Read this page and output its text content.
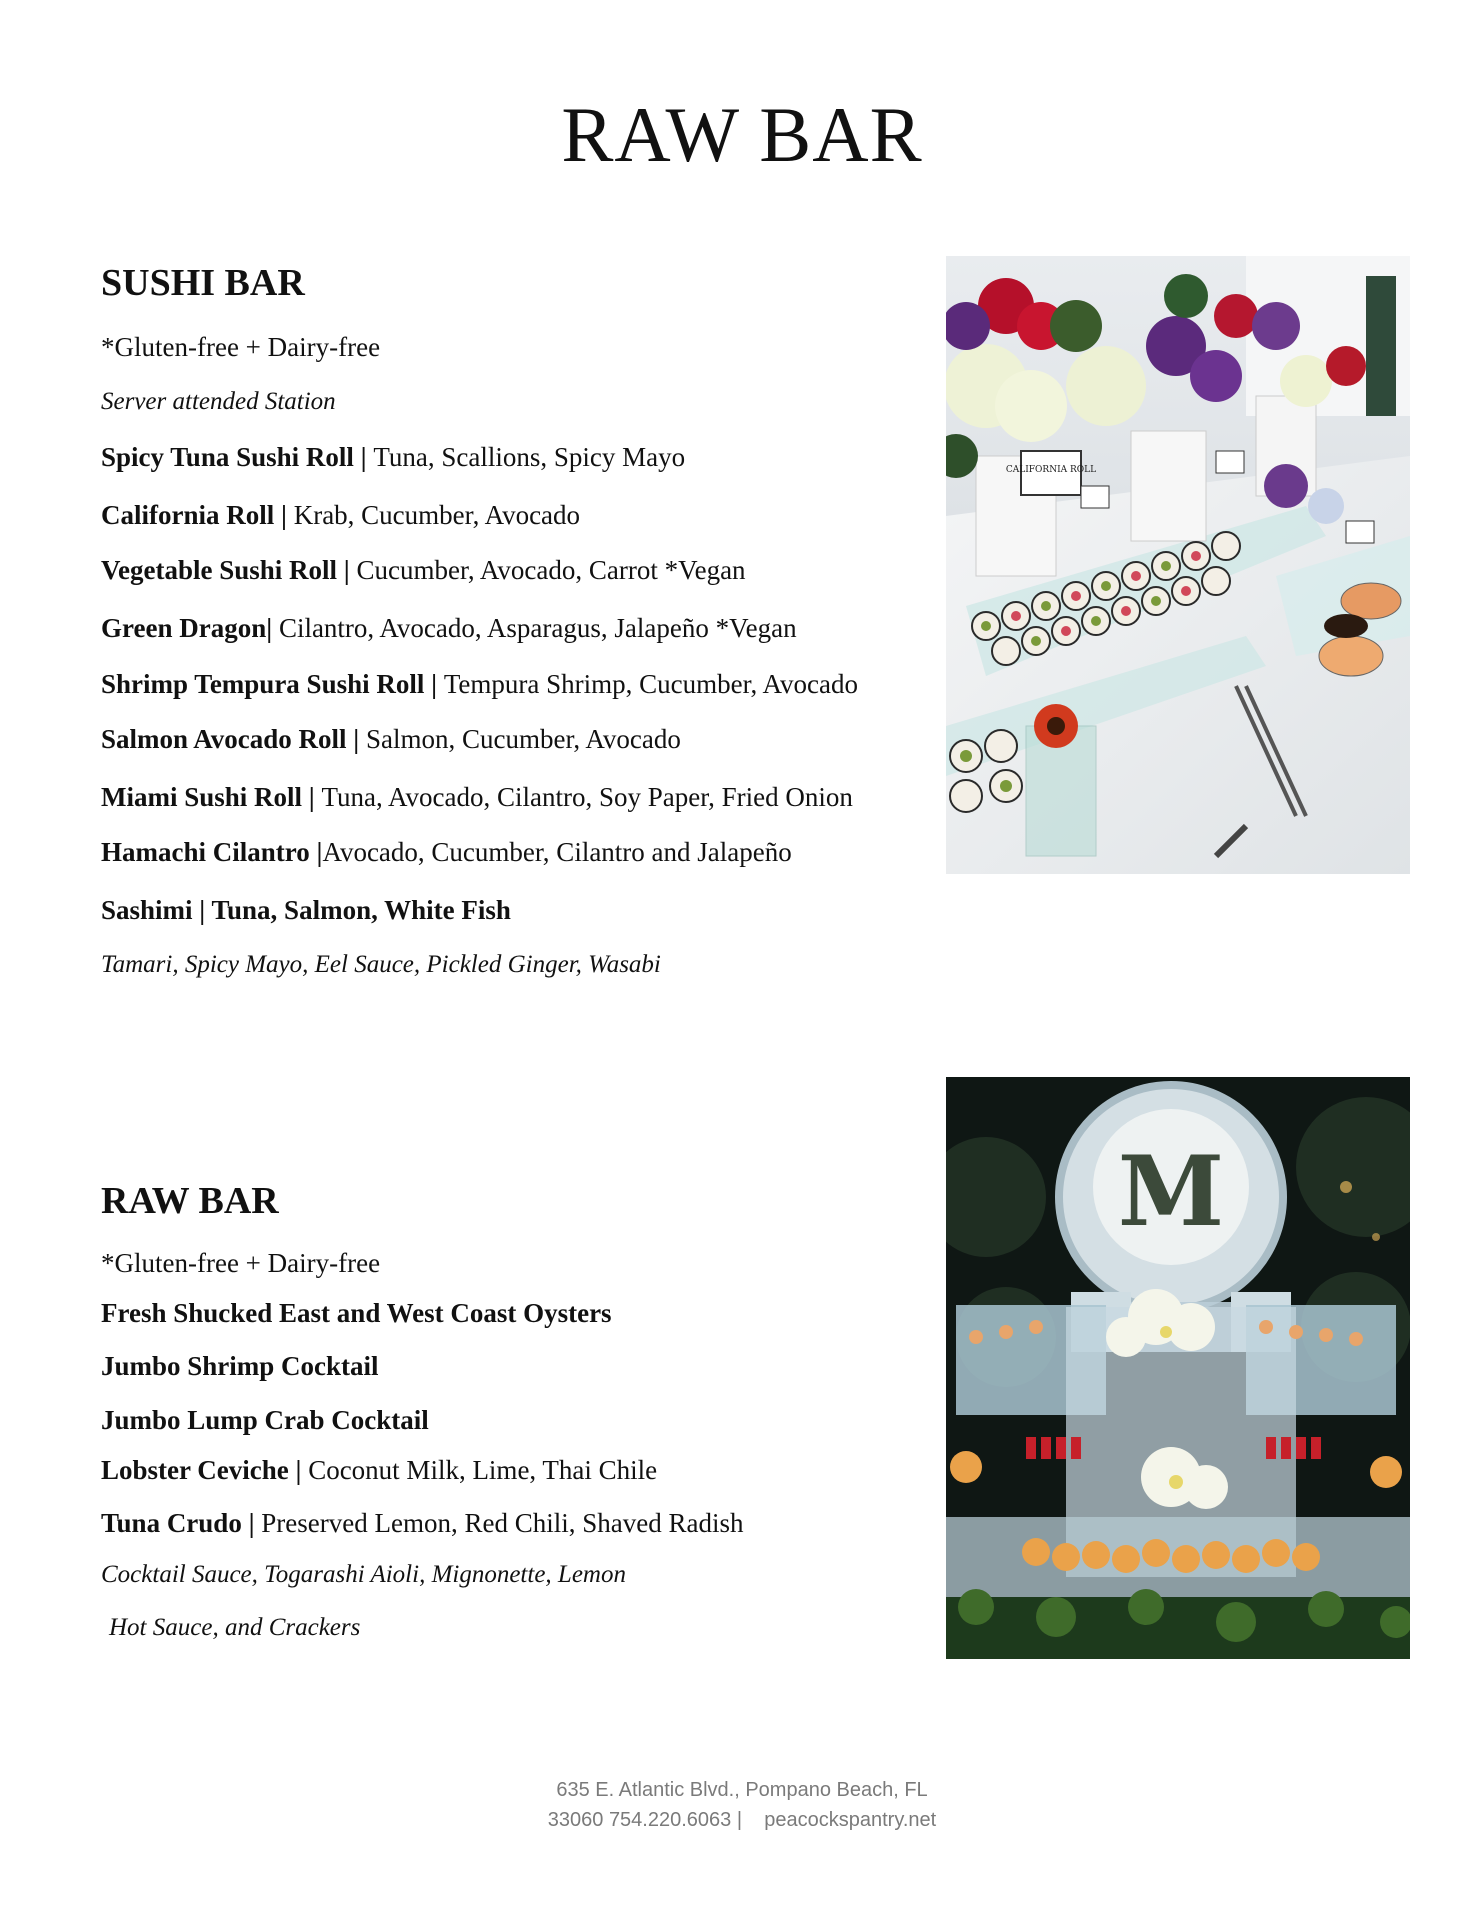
RAW BAR
SUSHI BAR
*Gluten-free + Dairy-free
Server attended Station
Spicy Tuna Sushi Roll | Tuna, Scallions, Spicy Mayo
California Roll | Krab, Cucumber, Avocado
Vegetable Sushi Roll | Cucumber, Avocado, Carrot *Vegan
Green Dragon| Cilantro, Avocado, Asparagus, Jalapeño *Vegan
Shrimp Tempura Sushi Roll | Tempura Shrimp, Cucumber, Avocado
Salmon Avocado Roll | Salmon, Cucumber, Avocado
Miami Sushi Roll | Tuna, Avocado, Cilantro, Soy Paper, Fried Onion
Hamachi Cilantro |Avocado, Cucumber, Cilantro and Jalapeño
Sashimi | Tuna, Salmon, White Fish
Tamari, Spicy Mayo, Eel Sauce, Pickled Ginger, Wasabi
CALIFORNIA ROLL
RAW BAR
*Gluten-free + Dairy-free
Fresh Shucked East and West Coast Oysters
Jumbo Shrimp Cocktail
Jumbo Lump Crab Cocktail
Lobster Ceviche | Coconut Milk, Lime, Thai Chile
Tuna Crudo | Preserved Lemon, Red Chili, Shaved Radish
Cocktail Sauce, Togarashi Aioli, Mignonette, Lemon
Hot Sauce, and Crackers
M
635 E. Atlantic Blvd., Pompano Beach, FL
33060 754.220.6063 |    peacockspantry.net
